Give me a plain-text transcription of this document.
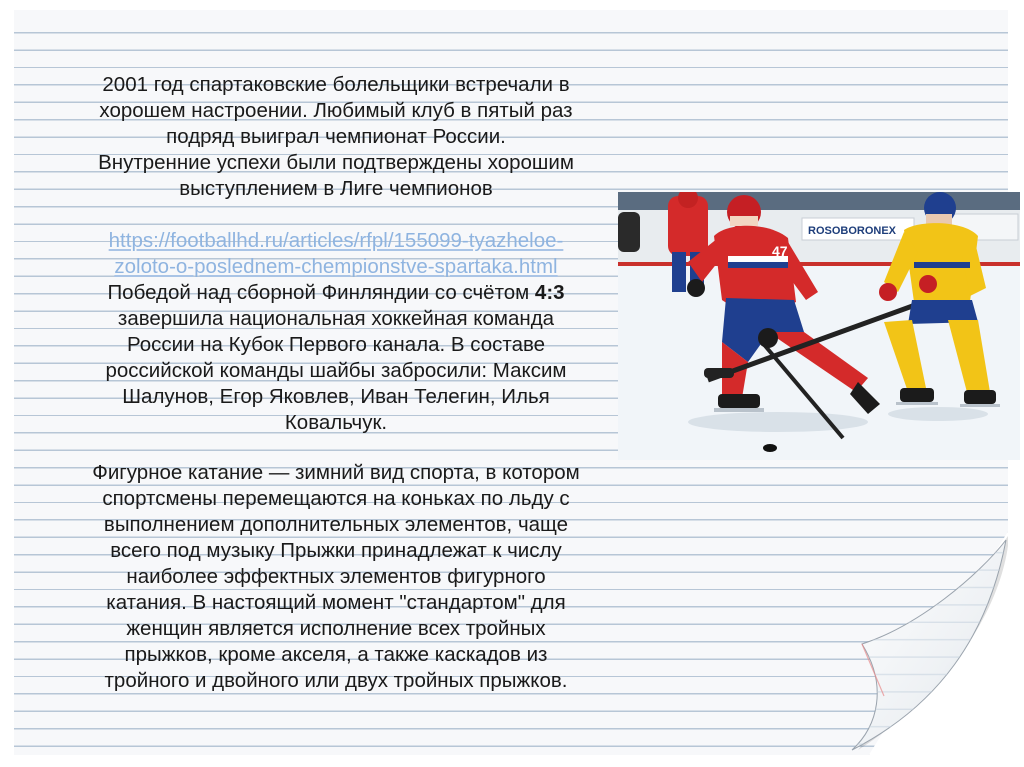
2001 год спартаковские болельщики встречали в
хорошем настроении. Любимый клуб в пятый раз
подряд выиграл чемпионат России.
Внутренние успехи были подтверждены хорошим
выступлением в Лиге чемпионов
https://footballhd.ru/articles/rfpl/155099-tyazheloe-
zoloto-o-poslednem-chempionstve-spartaka.html
Победой над сборной Финляндии со счётом 4:3
завершила национальная хоккейная команда
России на Кубок Первого канала. В составе
российской команды шайбы забросили: Максим
Шалунов, Егор Яковлев, Иван Телегин, Илья
Ковальчук.
Фигурное катание — зимний вид спорта, в котором
спортсмены перемещаются на коньках по льду с
выполнением дополнительных элементов, чаще
всего под музыку Прыжки принадлежат к числу
наиболее эффектных элементов фигурного
катания. В настоящий момент "стандартом" для
женщин является исполнение всех тройных
прыжков, кроме акселя, а также каскадов из
тройного и двойного или двух тройных прыжков.
ROSOBORONEX
47
